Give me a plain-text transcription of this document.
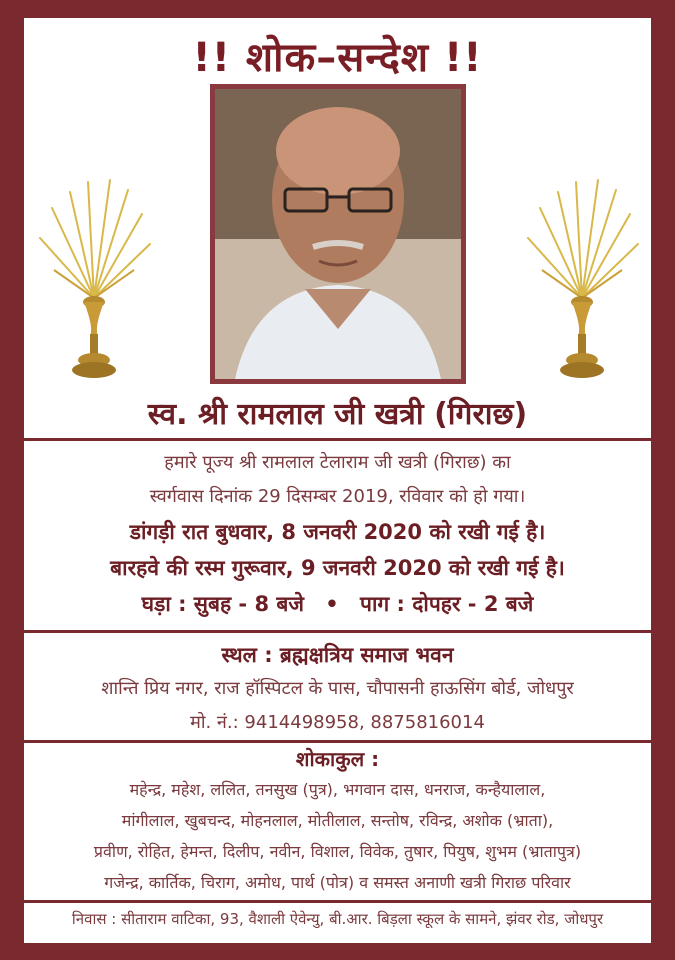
!! शोक–सन्देश !!
स्व. श्री रामलाल जी खत्री (गिराछ)
हमारे पूज्य श्री रामलाल टेलाराम जी खत्री (गिराछ) का
स्वर्गवास दिनांक 29 दिसम्बर 2019, रविवार को हो गया।
डांगड़ी रात बुधवार, 8 जनवरी 2020 को रखी गई है।
बारहवे की रस्म गुरूवार, 9 जनवरी 2020 को रखी गई है।
घड़ा : सुबह - 8 बजे • पाग : दोपहर - 2 बजे
स्थल : ब्रह्मक्षत्रिय समाज भवन
शान्ति प्रिय नगर, राज हॉस्पिटल के पास, चौपासनी हाऊसिंग बोर्ड, जोधपुर
मो. नं.: 9414498958, 8875816014
शोकाकुल :
महेन्द्र, महेश, ललित, तनसुख (पुत्र), भगवान दास, धनराज, कन्हैयालाल,
मांगीलाल, खुबचन्द, मोहनलाल, मोतीलाल, सन्तोष, रविन्द्र, अशोक (भ्राता),
प्रवीण, रोहित, हेमन्त, दिलीप, नवीन, विशाल, विवेक, तुषार, पियुष, शुभम (भ्रातापुत्र)
गजेन्द्र, कार्तिक, चिराग, अमोध, पार्थ (पोत्र) व समस्त अनाणी खत्री गिराछ परिवार
निवास : सीताराम वाटिका, 93, वैशाली ऐवेन्यु, बी.आर. बिड़ला स्कूल के सामने, झंवर रोड, जोधपुर
